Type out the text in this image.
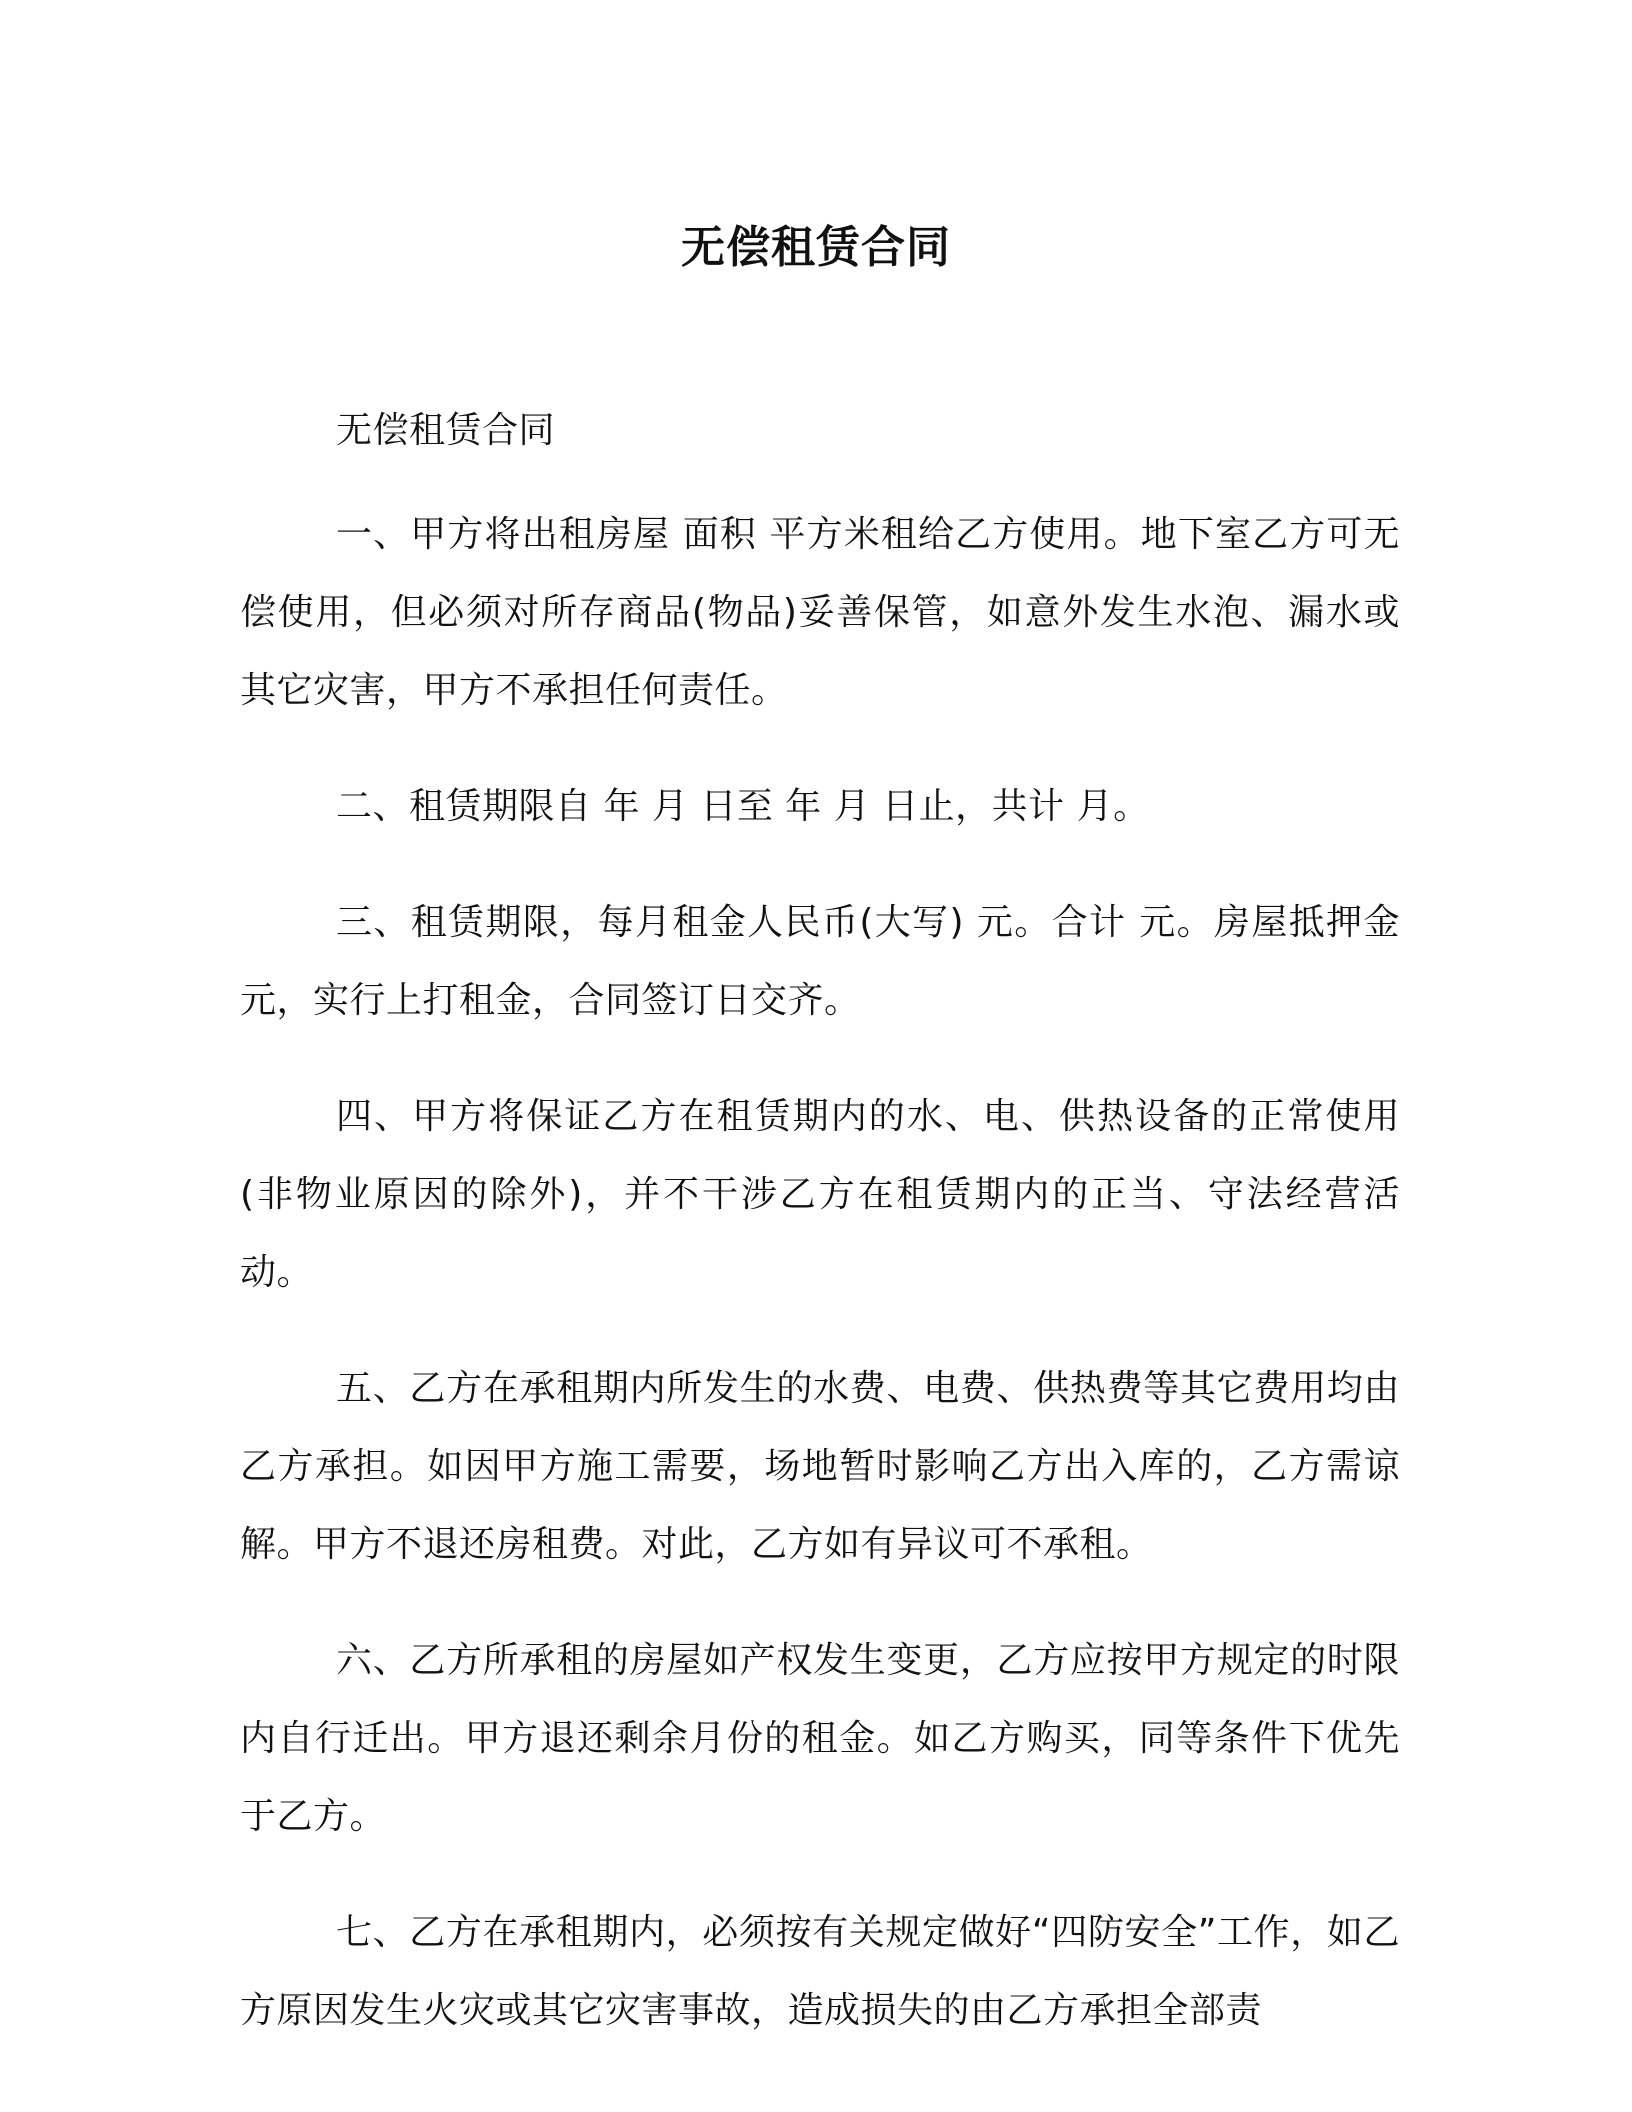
无偿租赁合同

无偿租赁合同

一、甲方将出租房屋 面积 平方米租给乙方使用。地下室乙方可无偿使用，但必须对所存商品(物品)妥善保管，如意外发生水泡、漏水或其它灾害，甲方不承担任何责任。

二、租赁期限自 年 月 日至 年 月 日止，共计 月。

三、租赁期限，每月租金人民币(大写) 元。合计 元。房屋抵押金 元，实行上打租金，合同签订日交齐。

四、甲方将保证乙方在租赁期内的水、电、供热设备的正常使用(非物业原因的除外)，并不干涉乙方在租赁期内的正当、守法经营活动。

五、乙方在承租期内所发生的水费、电费、供热费等其它费用均由乙方承担。如因甲方施工需要，场地暂时影响乙方出入库的，乙方需谅解。甲方不退还房租费。对此，乙方如有异议可不承租。

六、乙方所承租的房屋如产权发生变更，乙方应按甲方规定的时限内自行迁出。甲方退还剩余月份的租金。如乙方购买，同等条件下优先于乙方。

七、乙方在承租期内，必须按有关规定做好“四防安全”工作，如乙方原因发生火灾或其它灾害事故，造成损失的由乙方承担全部责
